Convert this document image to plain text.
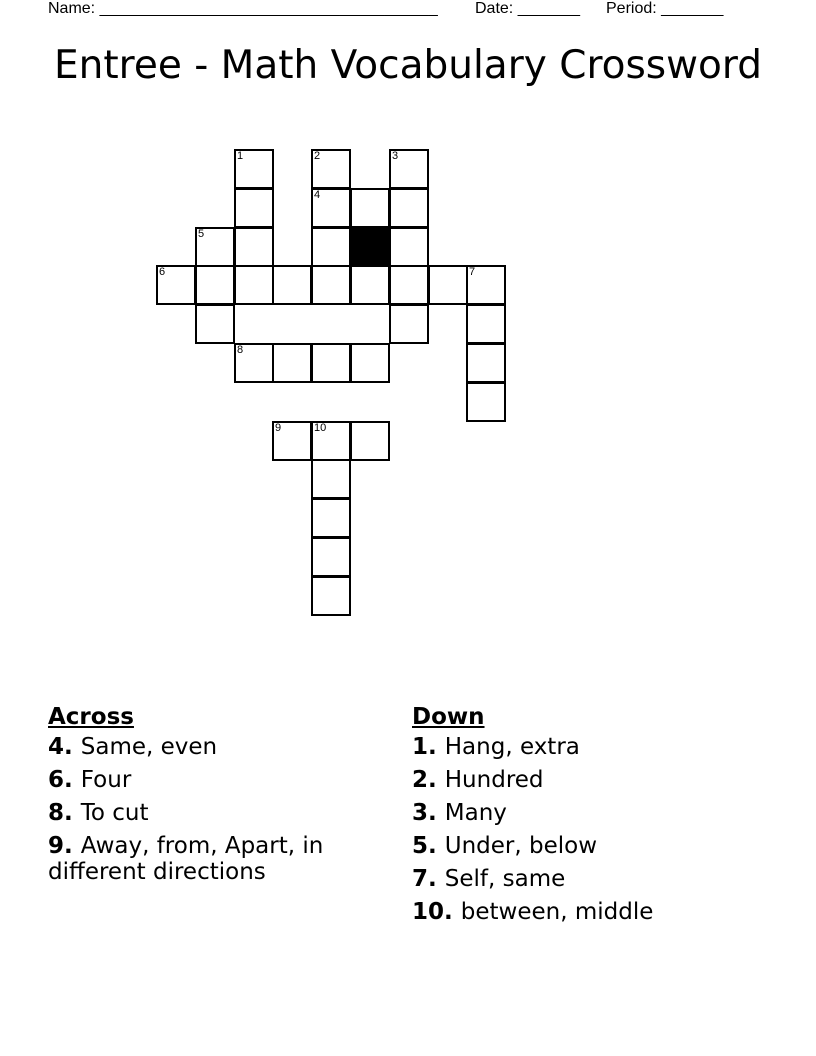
Name: ______________________________________ Date: _______ Period: _______
Entree - Math Vocabulary Crossword
1	2	3
4
5
6	7
8
9	10
Across
4. Same, even
6. Four
8. To cut
9. Away, from, Apart, in different directions
Down
1. Hang, extra
2. Hundred
3. Many
5. Under, below
7. Self, same
10. between, middle
